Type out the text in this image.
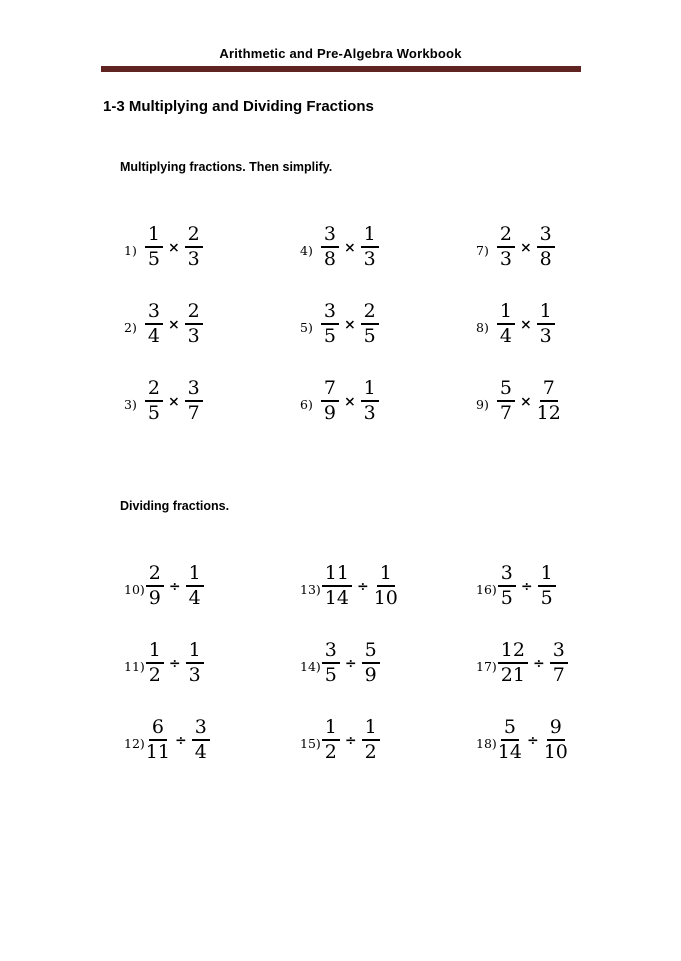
Arithmetic and Pre-Algebra Workbook
1-3 Multiplying and Dividing Fractions
Multiplying fractions. Then simplify.
$1) \frac{1}{5} \times \frac{2}{3}$	$4) \frac{3}{8} \times \frac{1}{3}$	$7) \frac{2}{3} \times \frac{3}{8}$
$2) \frac{3}{4} \times \frac{2}{3}$	$5) \frac{3}{5} \times \frac{2}{5}$	$8) \frac{1}{4} \times \frac{1}{3}$
$3) \frac{2}{5} \times \frac{3}{7}$	$6) \frac{7}{9} \times \frac{1}{3}$	$9) \frac{5}{7} \times \frac{7}{12}$
Dividing fractions.
$10) \frac{2}{9} \div \frac{1}{4}$	$13) \frac{11}{14} \div \frac{1}{10}$	$16) \frac{3}{5} \div \frac{1}{5}$
$11) \frac{1}{2} \div \frac{1}{3}$	$14) \frac{3}{5} \div \frac{5}{9}$	$17) \frac{12}{21} \div \frac{3}{7}$
$12) \frac{6}{11} \div \frac{3}{4}$	$15) \frac{1}{2} \div \frac{1}{2}$	$18) \frac{5}{14} \div \frac{9}{10}$
